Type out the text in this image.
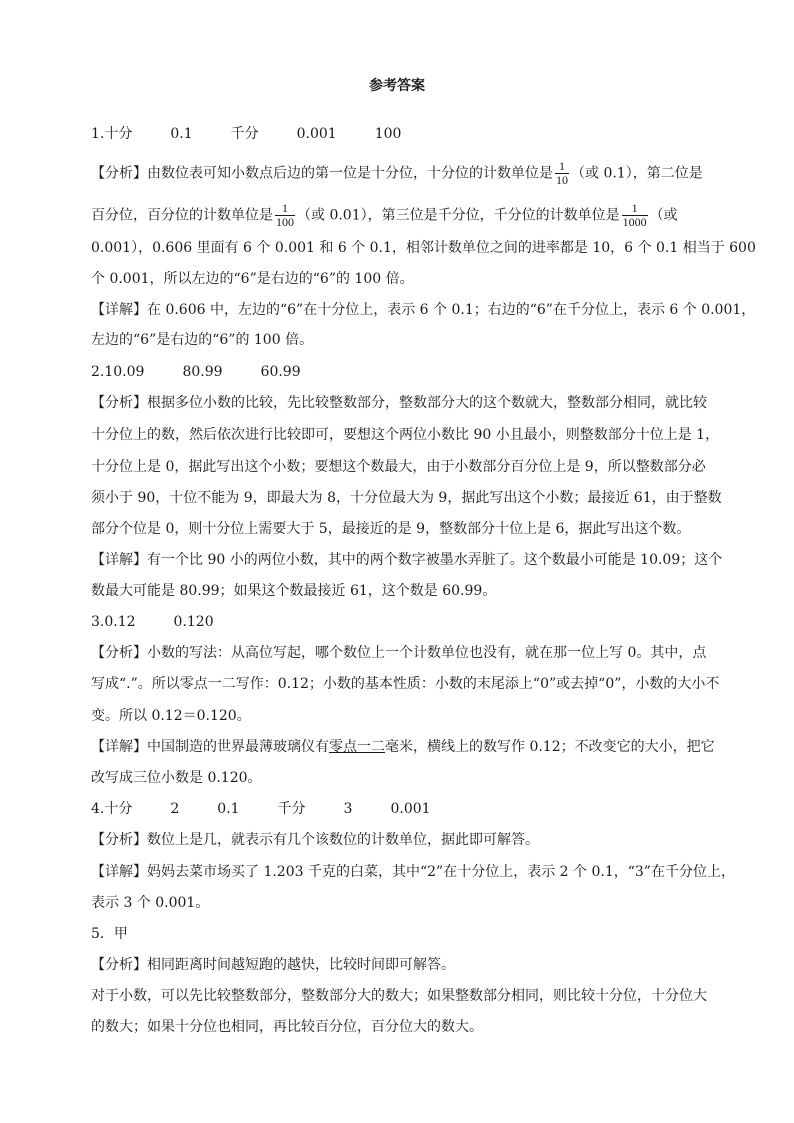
参考答案
1.十分	0.1	千分	0.001	100
【分析】由数位表可知小数点后边的第一位是十分位，十分位的计数单位是 $\frac{1}{10}$ （或 0.1），第二位是
百分位，百分位的计数单位是 $\frac{1}{100}$ （或 0.01），第三位是千分位，千分位的计数单位是 $\frac{1}{1000}$ （或
0.001），0.606 里面有 6 个 0.001 和 6 个 0.1，相邻计数单位之间的进率都是 10，6 个 0.1 相当于 600
个 0.001，所以左边的“6”是右边的“6”的 100 倍。
【详解】在 0.606 中，左边的“6”在十分位上，表示 6 个 0.1；右边的“6”在千分位上，表示 6 个 0.001，
左边的“6”是右边的“6”的 100 倍。
2.10.09	80.99	60.99
【分析】根据多位小数的比较，先比较整数部分，整数部分大的这个数就大，整数部分相同，就比较
十分位上的数，然后依次进行比较即可，要想这个两位小数比 90 小且最小，则整数部分十位上是 1，
十分位上是 0，据此写出这个小数；要想这个数最大，由于小数部分百分位上是 9，所以整数部分必
须小于 90，十位不能为 9，即最大为 8，十分位最大为 9，据此写出这个小数；最接近 61，由于整数
部分个位是 0，则十分位上需要大于 5，最接近的是 9，整数部分十位上是 6，据此写出这个数。
【详解】有一个比 90 小的两位小数，其中的两个数字被墨水弄脏了。这个数最小可能是 10.09；这个
数最大可能是 80.99；如果这个数最接近 61，这个数是 60.99。
3.0.12	0.120
【分析】小数的写法：从高位写起，哪个数位上一个计数单位也没有，就在那一位上写 0。其中，点
写成“.”。所以零点一二写作：0.12；小数的基本性质：小数的末尾添上“0”或去掉“0”，小数的大小不
变。所以 0.12＝0.120。
【详解】中国制造的世界最薄玻璃仪有零点一二毫米，横线上的数写作 0.12；不改变它的大小，把它
改写成三位小数是 0.120。
4.十分	2	0.1	千分	3	0.001
【分析】数位上是几，就表示有几个该数位的计数单位，据此即可解答。
【详解】妈妈去菜市场买了 1.203 千克的白菜，其中“2”在十分位上，表示 2 个 0.1，“3”在千分位上，
表示 3 个 0.001。
5．甲
【分析】相同距离时间越短跑的越快，比较时间即可解答。
对于小数，可以先比较整数部分，整数部分大的数大；如果整数部分相同，则比较十分位，十分位大
的数大；如果十分位也相同，再比较百分位，百分位大的数大。
